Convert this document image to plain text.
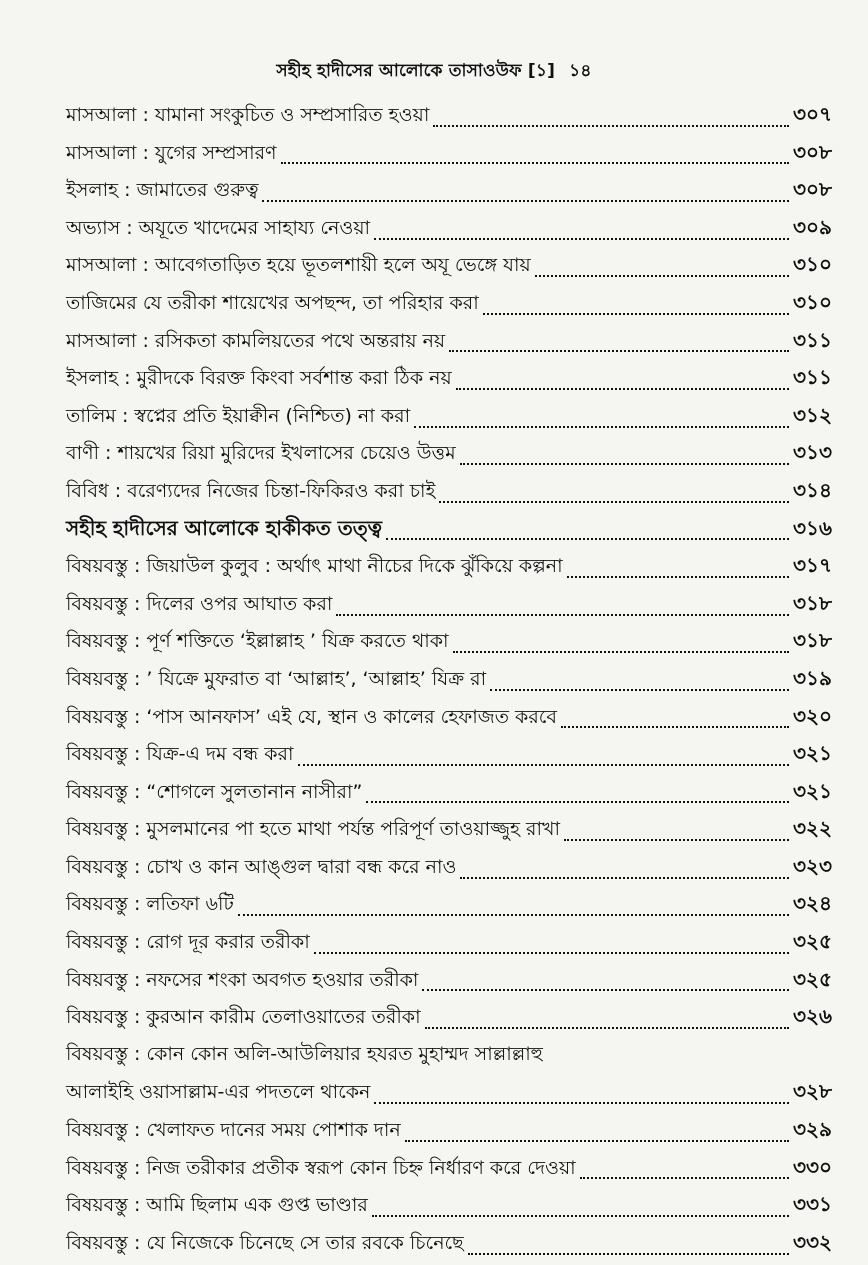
সহীহ হাদীসের আলোকে তাসাওউফ [১] ১৪
মাসআলা : যামানা সংকুচিত ও সম্প্রসারিত হওয়া	৩০৭
মাসআলা : যুগের সম্প্রসারণ	৩০৮
ইসলাহ : জামাতের গুরুত্ব	৩০৮
অভ্যাস : অযূতে খাদেমের সাহায্য নেওয়া	৩০৯
মাসআলা : আবেগতাড়িত হয়ে ভূতলশায়ী হলে অযূ ভেঙ্গে যায়	৩১০
তাজিমের যে তরীকা শায়েখের অপছন্দ, তা পরিহার করা	৩১০
মাসআলা : রসিকতা কামলিয়তের পথে অন্তরায় নয়	৩১১
ইসলাহ : মুরীদকে বিরক্ত কিংবা সর্বশান্ত করা ঠিক নয়	৩১১
তালিম : স্বপ্নের প্রতি ইয়াক্বীন (নিশ্চিত) না করা	৩১২
বাণী : শায়খের রিয়া মুরিদের ইখলাসের চেয়েও উত্তম	৩১৩
বিবিধ : বরেণ্যদের নিজের চিন্তা-ফিকিরও করা চাই	৩১৪
সহীহ হাদীসের আলোকে হাকীকত তত্ত্ব	৩১৬
বিষয়বস্তু : জিয়াউল কুলুব : অর্থাৎ মাথা নীচের দিকে ঝুঁকিয়ে কল্পনা	৩১৭
বিষয়বস্তু : দিলের ওপর আঘাত করা	৩১৮
বিষয়বস্তু : পূর্ণ শক্তিতে ‘ইল্লাল্লাহ ’ যিক্র করতে থাকা	৩১৮
বিষয়বস্তু : ’ যিক্রে মুফরাত বা ‘আল্লাহ’, ‘আল্লাহ’ যিক্র রা	৩১৯
বিষয়বস্তু : ‘পাস আনফাস’ এই যে, স্থান ও কালের হেফাজত করবে	৩২০
বিষয়বস্তু : যিক্র-এ দম বন্ধ করা	৩২১
বিষয়বস্তু : “শোগলে সুলতানান নাসীরা”	৩২১
বিষয়বস্তু : মুসলমানের পা হতে মাথা পর্যন্ত পরিপূর্ণ তাওয়াজ্জুহ রাখা	৩২২
বিষয়বস্তু : চোখ ও কান আঙ্গুল দ্বারা বন্ধ করে নাও	৩২৩
বিষয়বস্তু : লতিফা ৬টি	৩২৪
বিষয়বস্তু : রোগ দূর করার তরীকা	৩২৫
বিষয়বস্তু : নফসের শংকা অবগত হওয়ার তরীকা	৩২৫
বিষয়বস্তু : কুরআন কারীম তেলাওয়াতের তরীকা	৩২৬
বিষয়বস্তু : কোন কোন অলি-আউলিয়ার হযরত মুহাম্মদ সাল্লাল্লাহু
আলাইহি ওয়াসাল্লাম-এর পদতলে থাকেন	৩২৮
বিষয়বস্তু : খেলাফত দানের সময় পোশাক দান	৩২৯
বিষয়বস্তু : নিজ তরীকার প্রতীক স্বরূপ কোন চিহ্ন নির্ধারণ করে দেওয়া	৩৩০
বিষয়বস্তু : আমি ছিলাম এক গুপ্ত ভাণ্ডার	৩৩১
বিষয়বস্তু : যে নিজেকে চিনেছে সে তার রবকে চিনেছে	৩৩২
